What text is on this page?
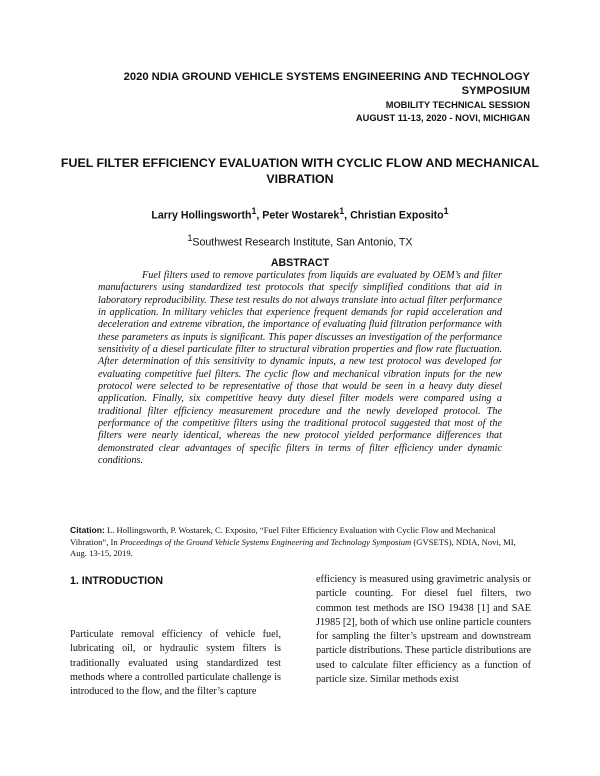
2020 NDIA GROUND VEHICLE SYSTEMS ENGINEERING AND TECHNOLOGY SYMPOSIUM
MOBILITY TECHNICAL SESSION
AUGUST 11-13, 2020 - NOVI, MICHIGAN
FUEL FILTER EFFICIENCY EVALUATION WITH CYCLIC FLOW AND MECHANICAL VIBRATION
Larry Hollingsworth$^1$, Peter Wostarek$^1$, Christian Exposito$^1$
$^1$Southwest Research Institute, San Antonio, TX
ABSTRACT

Fuel filters used to remove particulates from liquids are evaluated by OEM’s and filter manufacturers using standardized test protocols that specify simplified conditions that aid in laboratory reproducibility. These test results do not always translate into actual filter performance in application. In military vehicles that experience frequent demands for rapid acceleration and deceleration and extreme vibration, the importance of evaluating fluid filtration performance with these parameters as inputs is significant. This paper discusses an investigation of the performance sensitivity of a diesel particulate filter to structural vibration properties and flow rate fluctuation. After determination of this sensitivity to dynamic inputs, a new test protocol was developed for evaluating competitive fuel filters. The cyclic flow and mechanical vibration inputs for the new protocol were selected to be representative of those that would be seen in a heavy duty diesel application. Finally, six competitive heavy duty diesel filter models were compared using a traditional filter efficiency measurement procedure and the newly developed protocol. The performance of the competitive filters using the traditional protocol suggested that most of the filters were nearly identical, whereas the new protocol yielded performance differences that demonstrated clear advantages of specific filters in terms of filter efficiency under dynamic conditions.

Citation: L. Hollingsworth, P. Wostarek, C. Exposito, “Fuel Filter Efficiency Evaluation with Cyclic Flow and Mechanical Vibration”, In Proceedings of the Ground Vehicle Systems Engineering and Technology Symposium (GVSETS), NDIA, Novi, MI, Aug. 13-15, 2019.

1. INTRODUCTION

Particulate removal efficiency of vehicle fuel, lubricating oil, or hydraulic system filters is traditionally evaluated using standardized test methods where a controlled particulate challenge is introduced to the flow, and the filter’s capture

efficiency is measured using gravimetric analysis or particle counting. For diesel fuel filters, two common test methods are ISO 19438 [1] and SAE J1985 [2], both of which use online particle counters for sampling the filter’s upstream and downstream particle distributions. These particle distributions are used to calculate filter efficiency as a function of particle size. Similar methods exist
